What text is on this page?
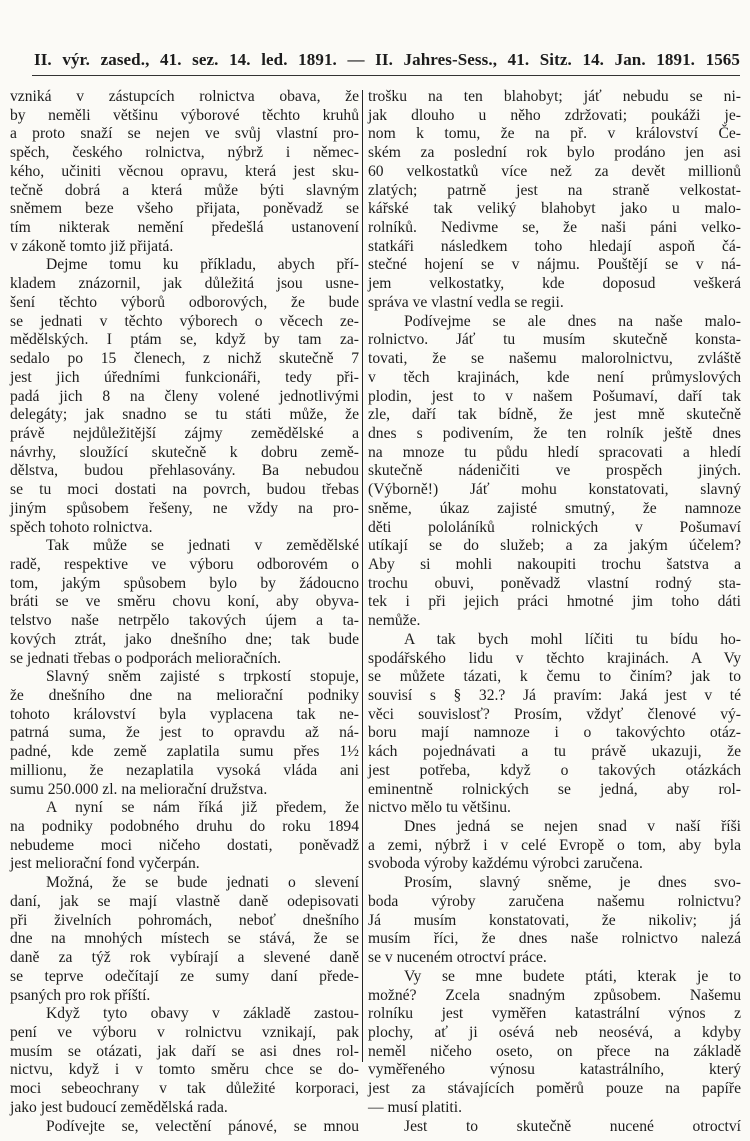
II. výr. zased., 41. sez. 14. led. 1891. — II. Jahres-Sess., 41. Sitz. 14. Jan. 1891. 1565
vzniká v zástupcích rolnictva obava, že
by neměli většinu výborové těchto kruhů
a proto snaží se nejen ve svůj vlastní pro-
spěch, českého rolnictva, nýbrž i němec-
kého, učiniti věcnou opravu, která jest sku-
tečně dobrá a která může býti slavným
sněmem beze všeho přijata, poněvadž se
tím nikterak nemění předešlá ustanovení
v zákoně tomto již přijatá.
Dejme tomu ku příkladu, abych pří-
kladem znázornil, jak důležitá jsou usne-
šení těchto výborů odborových, že bude
se jednati v těchto výborech o věcech ze-
mědělských. I ptám se, když by tam za-
sedalo po 15 členech, z nichž skutečně 7
jest jich úředními funkcionáři, tedy při-
padá jich 8 na členy volené jednotlivými
delegáty; jak snadno se tu státi může, že
právě nejdůležitější zájmy zemědělské a
návrhy, sloužící skutečně k dobru země-
dělstva, budou přehlasovány. Ba nebudou
se tu moci dostati na povrch, budou třebas
jiným spůsobem řešeny, ne vždy na pro-
spěch tohoto rolnictva.
Tak může se jednati v zemědělské
radě, respektive ve výboru odborovém o
tom, jakým spůsobem bylo by žádoucno
bráti se ve směru chovu koní, aby obyva-
telstvo naše netrpělo takových újem a ta-
kových ztrát, jako dnešního dne; tak bude
se jednati třebas o podporách melioračních.
Slavný sněm zajisté s trpkostí stopuje,
že dnešního dne na meliorační podniky
tohoto království byla vyplacena tak ne-
patrná suma, že jest to opravdu až ná-
padné, kde země zaplatila sumu přes 1½
millionu, že nezaplatila vysoká vláda ani
sumu 250.000 zl. na meliorační družstva.
A nyní se nám říká již předem, že
na podniky podobného druhu do roku 1894
nebudeme moci ničeho dostati, poněvadž
jest meliorační fond vyčerpán.
Možná, že se bude jednati o slevení
daní, jak se mají vlastně daně odepisovati
při živelních pohromách, neboť dnešního
dne na mnohých místech se stává, že se
daně za týž rok vybírají a slevené daně
se teprve odečítají ze sumy daní přede-
psaných pro rok příští.
Když tyto obavy v základě zastou-
pení ve výboru v rolnictvu vznikají, pak
musím se otázati, jak daří se asi dnes rol-
nictvu, když i v tomto směru chce se do-
moci sebeochrany v tak důležité korporaci,
jako jest budoucí zemědělská rada.
Podívejte se, velectění pánové, se mnou
trošku na ten blahobyt; jáť nebudu se ni-
jak dlouho u něho zdržovati; poukáži je-
nom k tomu, že na př. v království Če-
ském za poslední rok bylo prodáno jen asi
60 velkostatků více než za devět millionů
zlatých; patrně jest na straně velkostat-
kářské tak veliký blahobyt jako u malo-
rolníků. Nedivme se, že naši páni velko-
statkáři následkem toho hledají aspoň čá-
stečné hojení se v nájmu. Pouštějí se v ná-
jem velkostatky, kde doposud veškerá
správa ve vlastní vedla se regii.
Podívejme se ale dnes na naše malo-
rolnictvo. Jáť tu musím skutečně konsta-
tovati, že se našemu malorolnictvu, zvláště
v těch krajinách, kde není průmyslových
plodin, jest to v našem Pošumaví, daří tak
zle, daří tak bídně, že jest mně skutečně
dnes s podivením, že ten rolník ještě dnes
na mnoze tu půdu hledí spracovati a hledí
skutečně nádeničiti ve prospěch jiných.
(Výborně!) Jáť mohu konstatovati, slavný
sněme, úkaz zajisté smutný, že namnoze
děti pololáníků rolnických v Pošumaví
utíkají se do služeb; a za jakým účelem?
Aby si mohli nakoupiti trochu šatstva a
trochu obuvi, poněvadž vlastní rodný sta-
tek i při jejich práci hmotné jim toho dáti
nemůže.
A tak bych mohl líčiti tu bídu ho-
spodářského lidu v těchto krajinách. A Vy
se můžete tázati, k čemu to činím? jak to
souvisí s § 32.? Já pravím: Jaká jest v té
věci souvislosť? Prosím, vždyť členové vý-
boru mají namnoze i o takovýchto otáz-
kách pojednávati a tu právě ukazuji, že
jest potřeba, když o takových otázkách
eminentně rolnických se jedná, aby rol-
nictvo mělo tu většinu.
Dnes jedná se nejen snad v naší říši
a zemi, nýbrž i v celé Evropě o tom, aby byla
svoboda výroby každému výrobci zaručena.
Prosím, slavný sněme, je dnes svo-
boda výroby zaručena našemu rolnictvu?
Já musím konstatovati, že nikoliv; já
musím říci, že dnes naše rolnictvo nalezá
se v nuceném otroctví práce.
Vy se mne budete ptáti, kterak je to
možné? Zcela snadným způsobem. Našemu
rolníku jest vyměřen katastrální výnos z
plochy, ať ji osévá neb neosévá, a kdyby
neměl ničeho oseto, on přece na základě
vyměřeného výnosu katastrálního, který
jest za stávajících poměrů pouze na papíře
— musí platiti.
Jest to skutečně nucené otroctví
